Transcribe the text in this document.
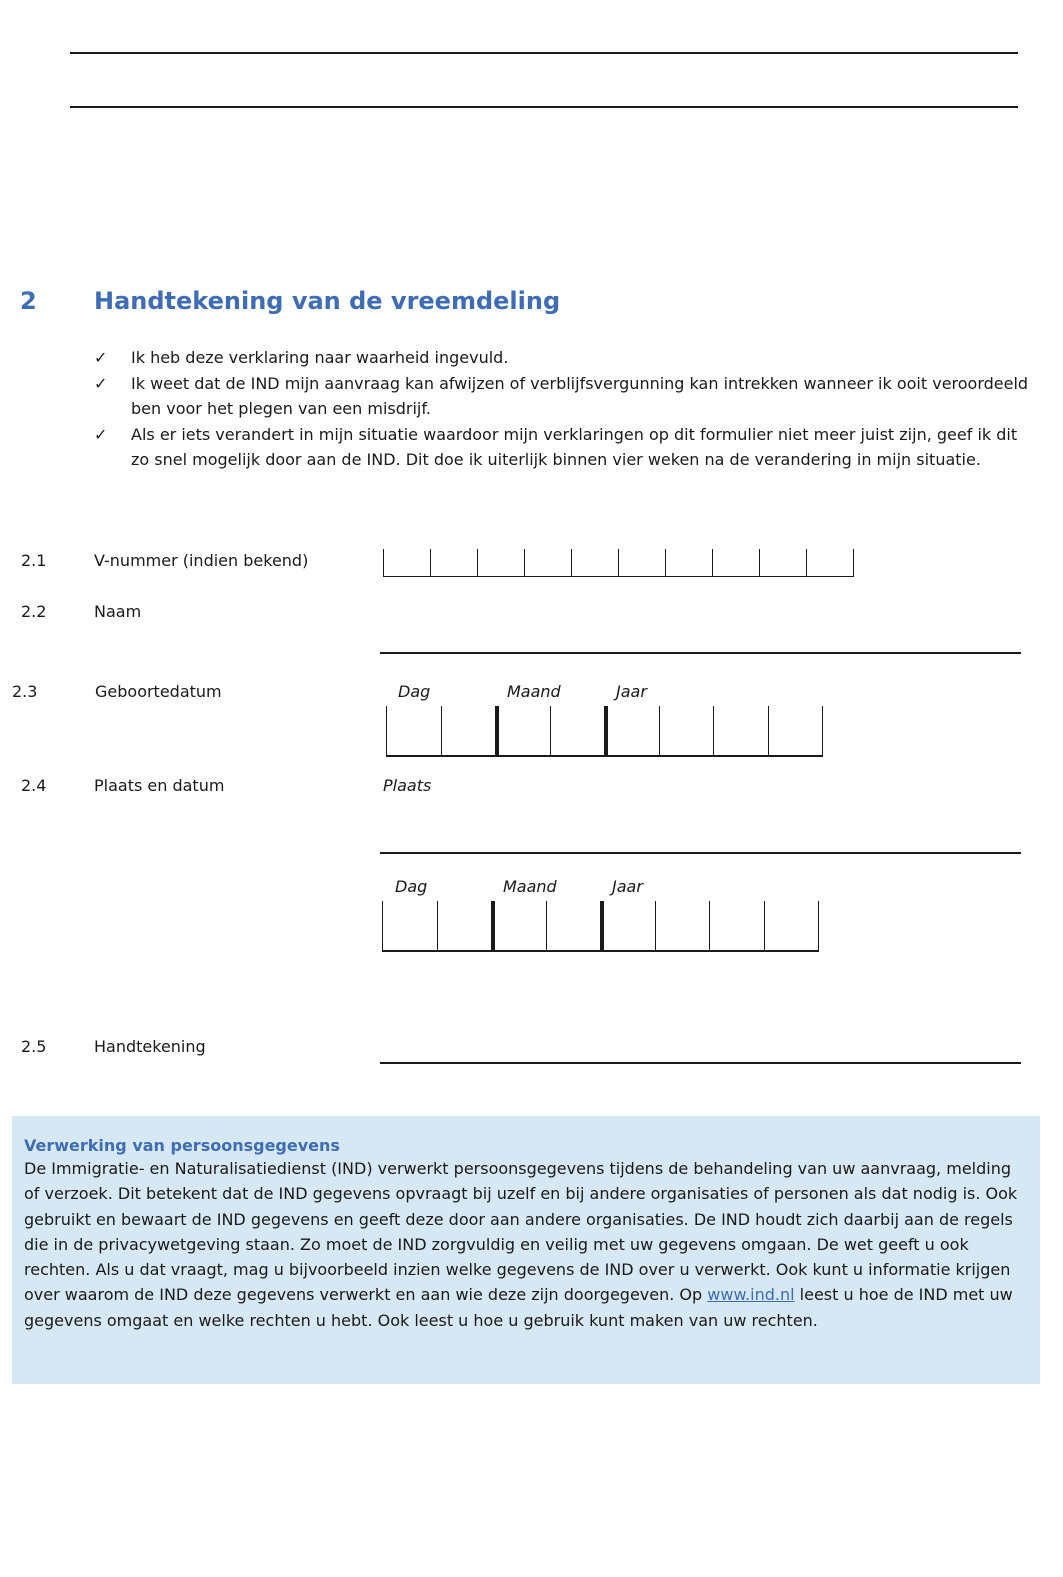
2 Handtekening van de vreemdeling
✓ Ik heb deze verklaring naar waarheid ingevuld.
✓ Ik weet dat de IND mijn aanvraag kan afwijzen of verblijfsvergunning kan intrekken wanneer ik ooit veroordeeld ben voor het plegen van een misdrijf.
✓ Als er iets verandert in mijn situatie waardoor mijn verklaringen op dit formulier niet meer juist zijn, geef ik dit zo snel mogelijk door aan de IND. Dit doe ik uiterlijk binnen vier weken na de verandering in mijn situatie.
2.1	V-nummer (indien bekend)
2.2	Naam
2.3	Geboortedatum	Dag	Maand	Jaar
2.4	Plaats en datum	Plaats
Dag	Maand	Jaar
2.5	Handtekening
Verwerking van persoonsgegevens

De Immigratie- en Naturalisatiedienst (IND) verwerkt persoonsgegevens tijdens de behandeling van uw aanvraag, melding of verzoek. Dit betekent dat de IND gegevens opvraagt bij uzelf en bij andere organisaties of personen als dat nodig is. Ook gebruikt en bewaart de IND gegevens en geeft deze door aan andere organisaties. De IND houdt zich daarbij aan de regels die in de privacywetgeving staan. Zo moet de IND zorgvuldig en veilig met uw gegevens omgaan. De wet geeft u ook rechten. Als u dat vraagt, mag u bijvoorbeeld inzien welke gegevens de IND over u verwerkt. Ook kunt u informatie krijgen over waarom de IND deze gegevens verwerkt en aan wie deze zijn doorgegeven. Op www.ind.nl leest u hoe de IND met uw gegevens omgaat en welke rechten u hebt. Ook leest u hoe u gebruik kunt maken van uw rechten.
